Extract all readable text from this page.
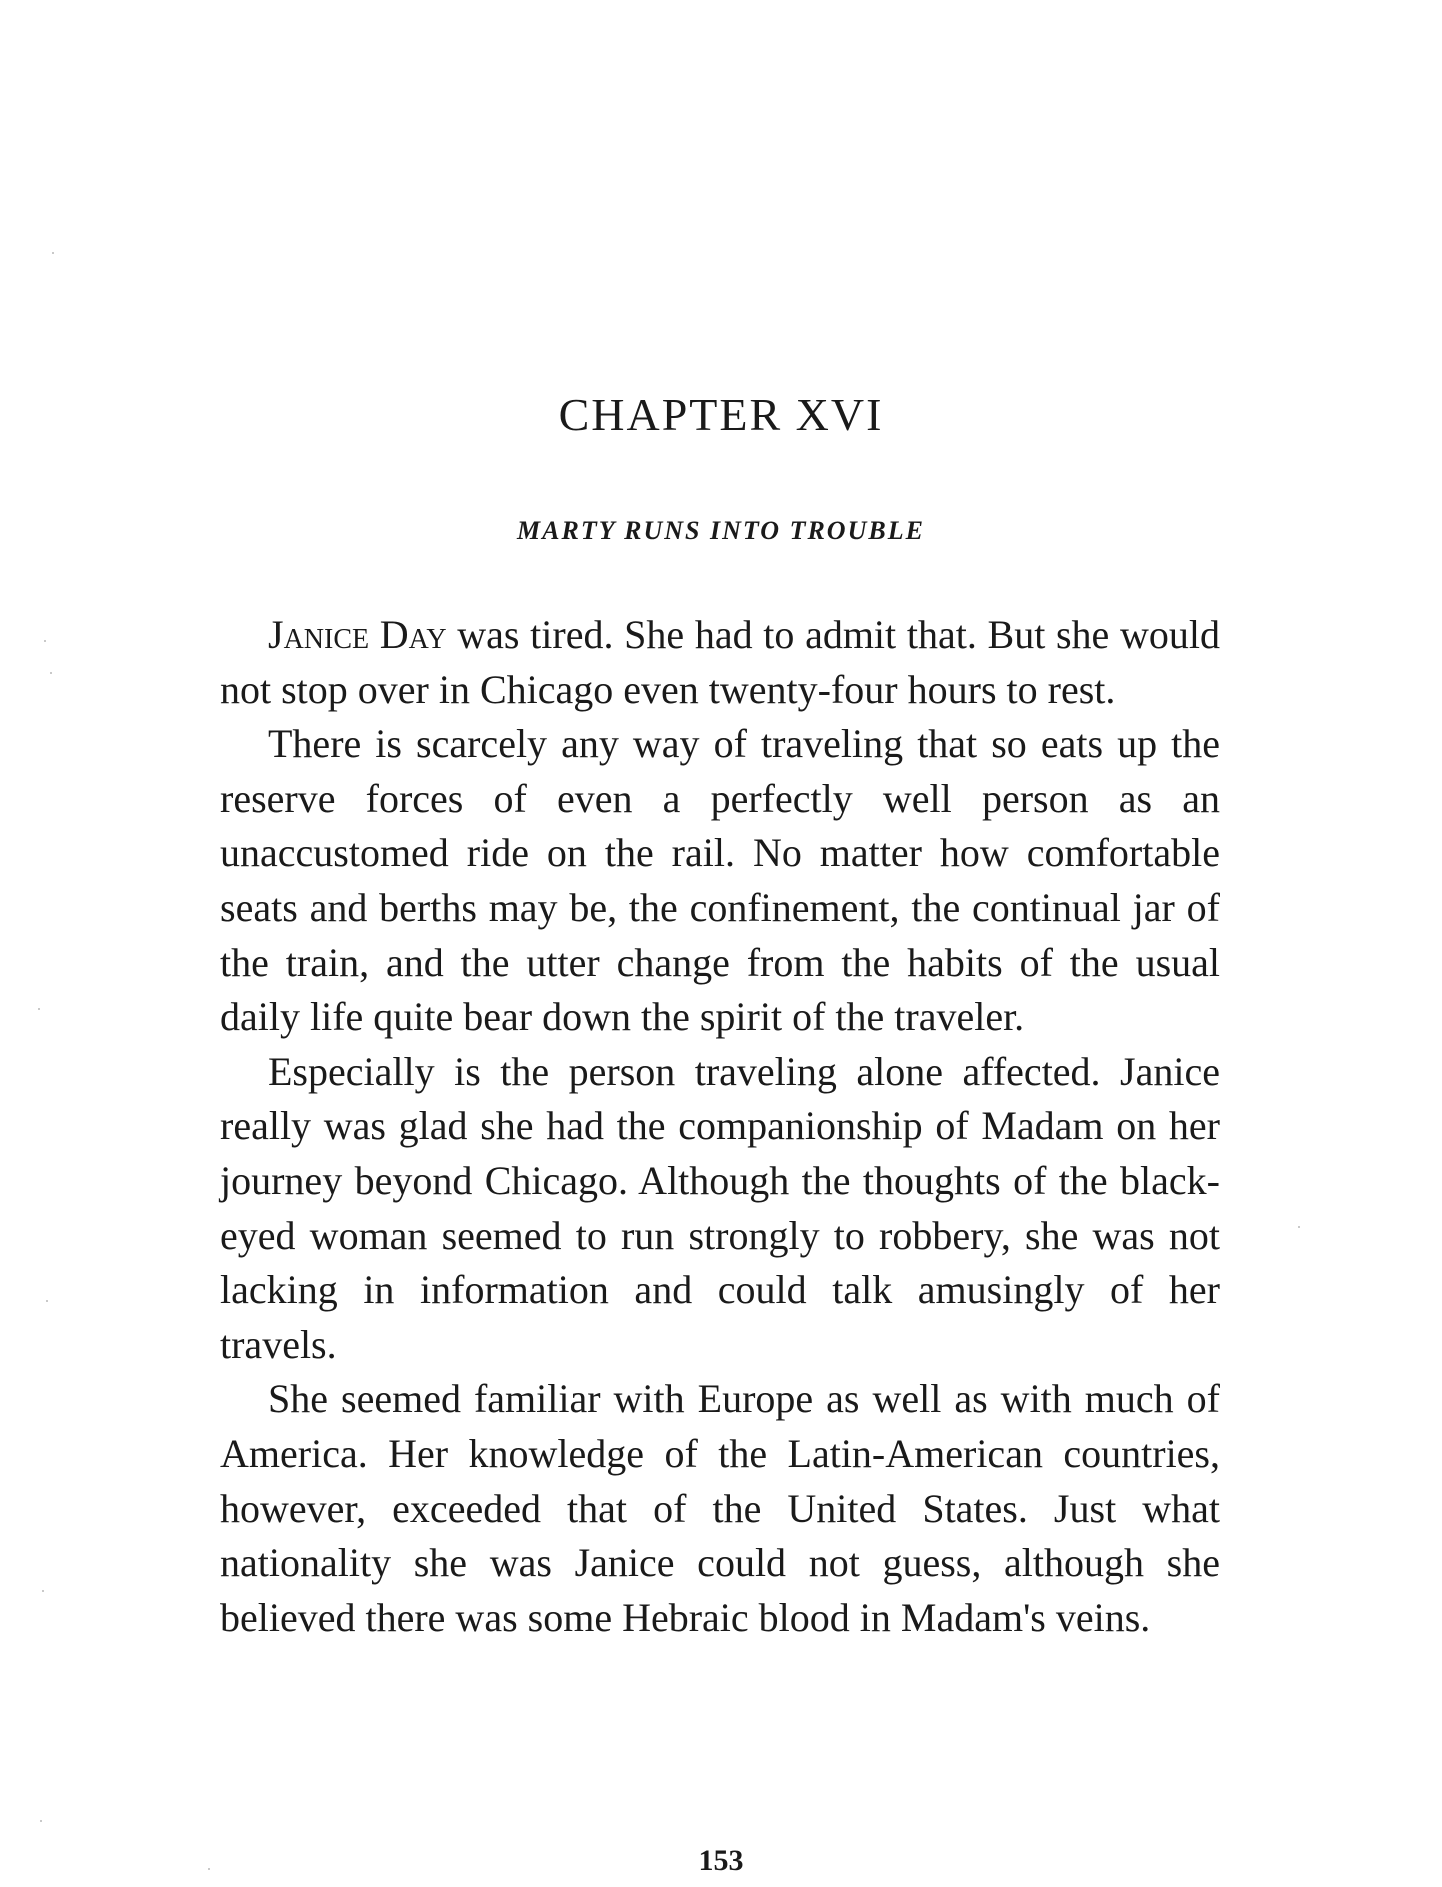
CHAPTER XVI
MARTY RUNS INTO TROUBLE

Janice Day was tired. She had to admit that. But she would not stop over in Chicago even twenty-four hours to rest.

There is scarcely any way of traveling that so eats up the reserve forces of even a perfectly well person as an unaccustomed ride on the rail. No matter how comfortable seats and berths may be, the confinement, the continual jar of the train, and the utter change from the habits of the usual daily life quite bear down the spirit of the traveler.

Especially is the person traveling alone affected. Janice really was glad she had the companionship of Madam on her journey beyond Chicago. Although the thoughts of the black-eyed woman seemed to run strongly to robbery, she was not lacking in information and could talk amusingly of her travels.

She seemed familiar with Europe as well as with much of America. Her knowledge of the Latin-American countries, however, exceeded that of the United States. Just what nationality she was Janice could not guess, although she believed there was some Hebraic blood in Madam's veins.

153
